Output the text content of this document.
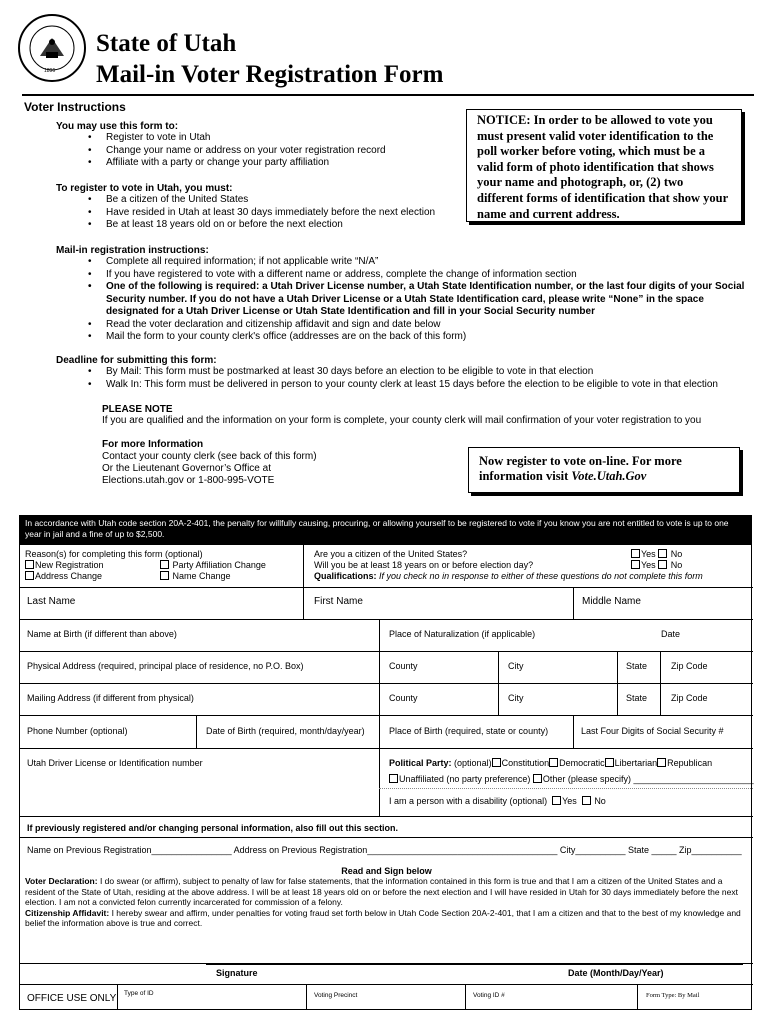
1896
State of Utah
Mail-in Voter Registration Form
Voter Instructions
You may use this form to:
• Register to vote in Utah
• Change your name or address on your voter registration record
• Affiliate with a party or change your party affiliation
To register to vote in Utah, you must:
• Be a citizen of the United States
• Have resided in Utah at least 30 days immediately before the next election
• Be at least 18 years old on or before the next election
NOTICE: In order to be allowed to vote you must present valid voter identification to the poll worker before voting, which must be a valid form of photo identification that shows your name and photograph, or, (2) two different forms of identification that show your name and current address.
Mail-in registration instructions:
• Complete all required information; if not applicable write “N/A”
• If you have registered to vote with a different name or address, complete the change of information section
• One of the following is required: a Utah Driver License number, a Utah State Identification number, or the last four digits of your Social Security number. If you do not have a Utah Driver License or a Utah State Identification card, please write “None” in the space designated for a Utah Driver License or Utah State Identification and fill in your Social Security number
• Read the voter declaration and citizenship affidavit and sign and date below
• Mail the form to your county clerk's office (addresses are on the back of this form)
Deadline for submitting this form:
• By Mail: This form must be postmarked at least 30 days before an election to be eligible to vote in that election
• Walk In: This form must be delivered in person to your county clerk at least 15 days before the election to be eligible to vote in that election
PLEASE NOTE
If you are qualified and the information on your form is complete, your county clerk will mail confirmation of your voter registration to you
For more Information
Contact your county clerk (see back of this form)
Or the Lieutenant Governor’s Office at
Elections.utah.gov or 1-800-995-VOTE
Now register to vote on-line. For more information visit Vote.Utah.Gov
In accordance with Utah code section 20A-2-401, the penalty for willfully causing, procuring, or allowing yourself to be registered to vote if you know you are not entitled to vote is up to one year in jail and a fine of up to $2,500.
Reason(s) for completing this form (optional)
New Registration	Party Affiliation Change
Address Change	Name Change
Are you a citizen of the United States?
Will you be at least 18 years on or before election day?
Yes No
Yes No
Qualifications: If you check no in response to either of these questions do not complete this form
Last Name	First Name	Middle Name
Name at Birth (if different than above)	Place of Naturalization (if applicable)	Date
Physical Address (required, principal place of residence, no P.O. Box)	County	City	State	Zip Code
Mailing Address (if different from physical)	County	City	State	Zip Code
Phone Number (optional)	Date of Birth (required, month/day/year)	Place of Birth (required, state or county)	Last Four Digits of Social Security #
Utah Driver License or Identification number	Political Party: (optional) Constitution Democratic Libertarian Republican
Unaffiliated (no party preference) Other (please specify) ________________________
I am a person with a disability (optional) Yes No
If previously registered and/or changing personal information, also fill out this section.
Name on Previous Registration________________ Address on Previous Registration______________________________________ City__________ State _____ Zip__________
Read and Sign below
Voter Declaration: I do swear (or affirm), subject to penalty of law for false statements, that the information contained in this form is true and that I am a citizen of the United States and a resident of the State of Utah, residing at the above address. I will be at least 18 years old on or before the next election and I will have resided in Utah for 30 days immediately before the next election. I am not a convicted felon currently incarcerated for commission of a felony.
Citizenship Affidavit: I hereby swear and affirm, under penalties for voting fraud set forth below in Utah Code Section 20A-2-401, that I am a citizen and that to the best of my knowledge and belief the information above is true and correct.
Signature	Date (Month/Day/Year)
OFFICE USE ONLY Type of ID	Voting Precinct	Voting ID #	Form Type: By Mail
